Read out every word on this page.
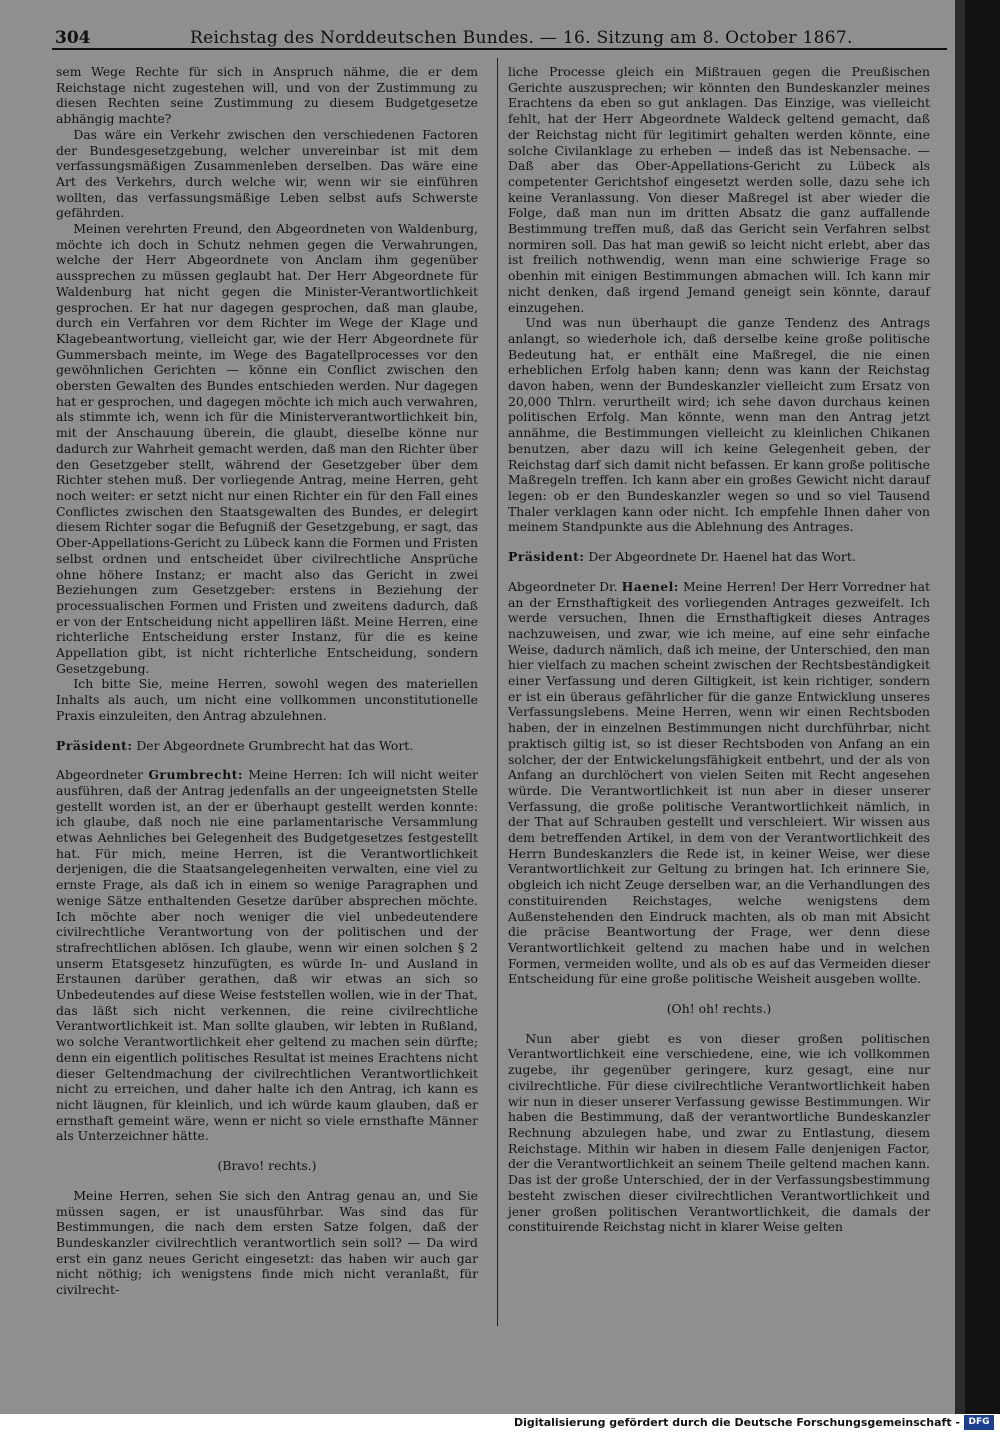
304	Reichstag des Norddeutschen Bundes. — 16. Sitzung am 8. October 1867.

sem Wege Rechte für sich in Anspruch nähme, die er dem Reichstage nicht zugestehen will, und von der Zustimmung zu diesen Rechten seine Zustimmung zu diesem Budgetgesetze abhängig machte?

Das wäre ein Verkehr zwischen den verschiedenen Factoren der Bundesgesetzgebung, welcher unvereinbar ist mit dem verfassungsmäßigen Zusammenleben derselben. Das wäre eine Art des Verkehrs, durch welche wir, wenn wir sie einführen wollten, das verfassungsmäßige Leben selbst aufs Schwerste gefährden.

Meinen verehrten Freund, den Abgeordneten von Waldenburg, möchte ich doch in Schutz nehmen gegen die Verwahrungen, welche der Herr Abgeordnete von Anclam ihm gegenüber aussprechen zu müssen geglaubt hat. Der Herr Abgeordnete für Waldenburg hat nicht gegen die Minister-Verantwortlichkeit gesprochen. Er hat nur dagegen gesprochen, daß man glaube, durch ein Verfahren vor dem Richter im Wege der Klage und Klagebeantwortung, vielleicht gar, wie der Herr Abgeordnete für Gummersbach meinte, im Wege des Bagatellprocesses vor den gewöhnlichen Gerichten — könne ein Conflict zwischen den obersten Gewalten des Bundes entschieden werden. Nur dagegen hat er gesprochen, und dagegen möchte ich mich auch verwahren, als stimmte ich, wenn ich für die Ministerverantwortlichkeit bin, mit der Anschauung überein, die glaubt, dieselbe könne nur dadurch zur Wahrheit gemacht werden, daß man den Richter über den Gesetzgeber stellt, während der Gesetzgeber über dem Richter stehen muß. Der vorliegende Antrag, meine Herren, geht noch weiter: er setzt nicht nur einen Richter ein für den Fall eines Conflictes zwischen den Staatsgewalten des Bundes, er delegirt diesem Richter sogar die Befugniß der Gesetzgebung, er sagt, das Ober-Appellations-Gericht zu Lübeck kann die Formen und Fristen selbst ordnen und entscheidet über civilrechtliche Ansprüche ohne höhere Instanz; er macht also das Gericht in zwei Beziehungen zum Gesetzgeber: erstens in Beziehung der processualischen Formen und Fristen und zweitens dadurch, daß er von der Entscheidung nicht appelliren läßt. Meine Herren, eine richterliche Entscheidung erster Instanz, für die es keine Appellation gibt, ist nicht richterliche Entscheidung, sondern Gesetzgebung.

Ich bitte Sie, meine Herren, sowohl wegen des materiellen Inhalts als auch, um nicht eine vollkommen unconstitutionelle Praxis einzuleiten, den Antrag abzulehnen.

Präsident: Der Abgeordnete Grumbrecht hat das Wort.

Abgeordneter Grumbrecht: Meine Herren: Ich will nicht weiter ausführen, daß der Antrag jedenfalls an der ungeeignetsten Stelle gestellt worden ist, an der er überhaupt gestellt werden konnte: ich glaube, daß noch nie eine parlamentarische Versammlung etwas Aehnliches bei Gelegenheit des Budgetgesetzes festgestellt hat. Für mich, meine Herren, ist die Verantwortlichkeit derjenigen, die die Staatsangelegenheiten verwalten, eine viel zu ernste Frage, als daß ich in einem so wenige Paragraphen und wenige Sätze enthaltenden Gesetze darüber absprechen möchte. Ich möchte aber noch weniger die viel unbedeutendere civilrechtliche Verantwortung von der politischen und der strafrechtlichen ablösen. Ich glaube, wenn wir einen solchen § 2 unserm Etatsgesetz hinzufügten, es würde In- und Ausland in Erstaunen darüber gerathen, daß wir etwas an sich so Unbedeutendes auf diese Weise feststellen wollen, wie in der That, das läßt sich nicht verkennen, die reine civilrechtliche Verantwortlichkeit ist. Man sollte glauben, wir lebten in Rußland, wo solche Verantwortlichkeit eher geltend zu machen sein dürfte; denn ein eigentlich politisches Resultat ist meines Erachtens nicht dieser Geltendmachung der civilrechtlichen Verantwortlichkeit nicht zu erreichen, und daher halte ich den Antrag, ich kann es nicht läugnen, für kleinlich, und ich würde kaum glauben, daß er ernsthaft gemeint wäre, wenn er nicht so viele ernsthafte Männer als Unterzeichner hätte.

(Bravo! rechts.)

Meine Herren, sehen Sie sich den Antrag genau an, und Sie müssen sagen, er ist unausführbar. Was sind das für Bestimmungen, die nach dem ersten Satze folgen, daß der Bundeskanzler civilrechtlich verantwortlich sein soll? — Da wird erst ein ganz neues Gericht eingesetzt: das haben wir auch gar nicht nöthig; ich wenigstens finde mich nicht veranlaßt, für civilrecht-

liche Processe gleich ein Mißtrauen gegen die Preußischen Gerichte auszusprechen; wir könnten den Bundeskanzler meines Erachtens da eben so gut anklagen. Das Einzige, was vielleicht fehlt, hat der Herr Abgeordnete Waldeck geltend gemacht, daß der Reichstag nicht für legitimirt gehalten werden könnte, eine solche Civilanklage zu erheben — indeß das ist Nebensache. — Daß aber das Ober-Appellations-Gericht zu Lübeck als competenter Gerichtshof eingesetzt werden solle, dazu sehe ich keine Veranlassung. Von dieser Maßregel ist aber wieder die Folge, daß man nun im dritten Absatz die ganz auffallende Bestimmung treffen muß, daß das Gericht sein Verfahren selbst normiren soll. Das hat man gewiß so leicht nicht erlebt, aber das ist freilich nothwendig, wenn man eine schwierige Frage so obenhin mit einigen Bestimmungen abmachen will. Ich kann mir nicht denken, daß irgend Jemand geneigt sein könnte, darauf einzugehen.

Und was nun überhaupt die ganze Tendenz des Antrags anlangt, so wiederhole ich, daß derselbe keine große politische Bedeutung hat, er enthält eine Maßregel, die nie einen erheblichen Erfolg haben kann; denn was kann der Reichstag davon haben, wenn der Bundeskanzler vielleicht zum Ersatz von 20,000 Thlrn. verurtheilt wird; ich sehe davon durchaus keinen politischen Erfolg. Man könnte, wenn man den Antrag jetzt annähme, die Bestimmungen vielleicht zu kleinlichen Chikanen benutzen, aber dazu will ich keine Gelegenheit geben, der Reichstag darf sich damit nicht befassen. Er kann große politische Maßregeln treffen. Ich kann aber ein großes Gewicht nicht darauf legen: ob er den Bundeskanzler wegen so und so viel Tausend Thaler verklagen kann oder nicht. Ich empfehle Ihnen daher von meinem Standpunkte aus die Ablehnung des Antrages.

Präsident: Der Abgeordnete Dr. Haenel hat das Wort.

Abgeordneter Dr. Haenel: Meine Herren! Der Herr Vorredner hat an der Ernsthaftigkeit des vorliegenden Antrages gezweifelt. Ich werde versuchen, Ihnen die Ernsthaftigkeit dieses Antrages nachzuweisen, und zwar, wie ich meine, auf eine sehr einfache Weise, dadurch nämlich, daß ich meine, der Unterschied, den man hier vielfach zu machen scheint zwischen der Rechtsbeständigkeit einer Verfassung und deren Giltigkeit, ist kein richtiger, sondern er ist ein überaus gefährlicher für die ganze Entwicklung unseres Verfassungslebens. Meine Herren, wenn wir einen Rechtsboden haben, der in einzelnen Bestimmungen nicht durchführbar, nicht praktisch giltig ist, so ist dieser Rechtsboden von Anfang an ein solcher, der der Entwickelungsfähigkeit entbehrt, und der als von Anfang an durchlöchert von vielen Seiten mit Recht angesehen würde. Die Verantwortlichkeit ist nun aber in dieser unserer Verfassung, die große politische Verantwortlichkeit nämlich, in der That auf Schrauben gestellt und verschleiert. Wir wissen aus dem betreffenden Artikel, in dem von der Verantwortlichkeit des Herrn Bundeskanzlers die Rede ist, in keiner Weise, wer diese Verantwortlichkeit zur Geltung zu bringen hat. Ich erinnere Sie, obgleich ich nicht Zeuge derselben war, an die Verhandlungen des constituirenden Reichstages, welche wenigstens dem Außenstehenden den Eindruck machten, als ob man mit Absicht die präcise Beantwortung der Frage, wer denn diese Verantwortlichkeit geltend zu machen habe und in welchen Formen, vermeiden wollte, und als ob es auf das Vermeiden dieser Entscheidung für eine große politische Weisheit ausgeben wollte.

(Oh! oh! rechts.)

Nun aber giebt es von dieser großen politischen Verantwortlichkeit eine verschiedene, eine, wie ich vollkommen zugebe, ihr gegenüber geringere, kurz gesagt, eine nur civilrechtliche. Für diese civilrechtliche Verantwortlichkeit haben wir nun in dieser unserer Verfassung gewisse Bestimmungen. Wir haben die Bestimmung, daß der verantwortliche Bundeskanzler Rechnung abzulegen habe, und zwar zu Entlastung, diesem Reichstage. Mithin wir haben in diesem Falle denjenigen Factor, der die Verantwortlichkeit an seinem Theile geltend machen kann. Das ist der große Unterschied, der in der Verfassungsbestimmung besteht zwischen dieser civilrechtlichen Verantwortlichkeit und jener großen politischen Verantwortlichkeit, die damals der constituirende Reichstag nicht in klarer Weise gelten

Digitalisierung gefördert durch die Deutsche Forschungsgemeinschaft - DFG
